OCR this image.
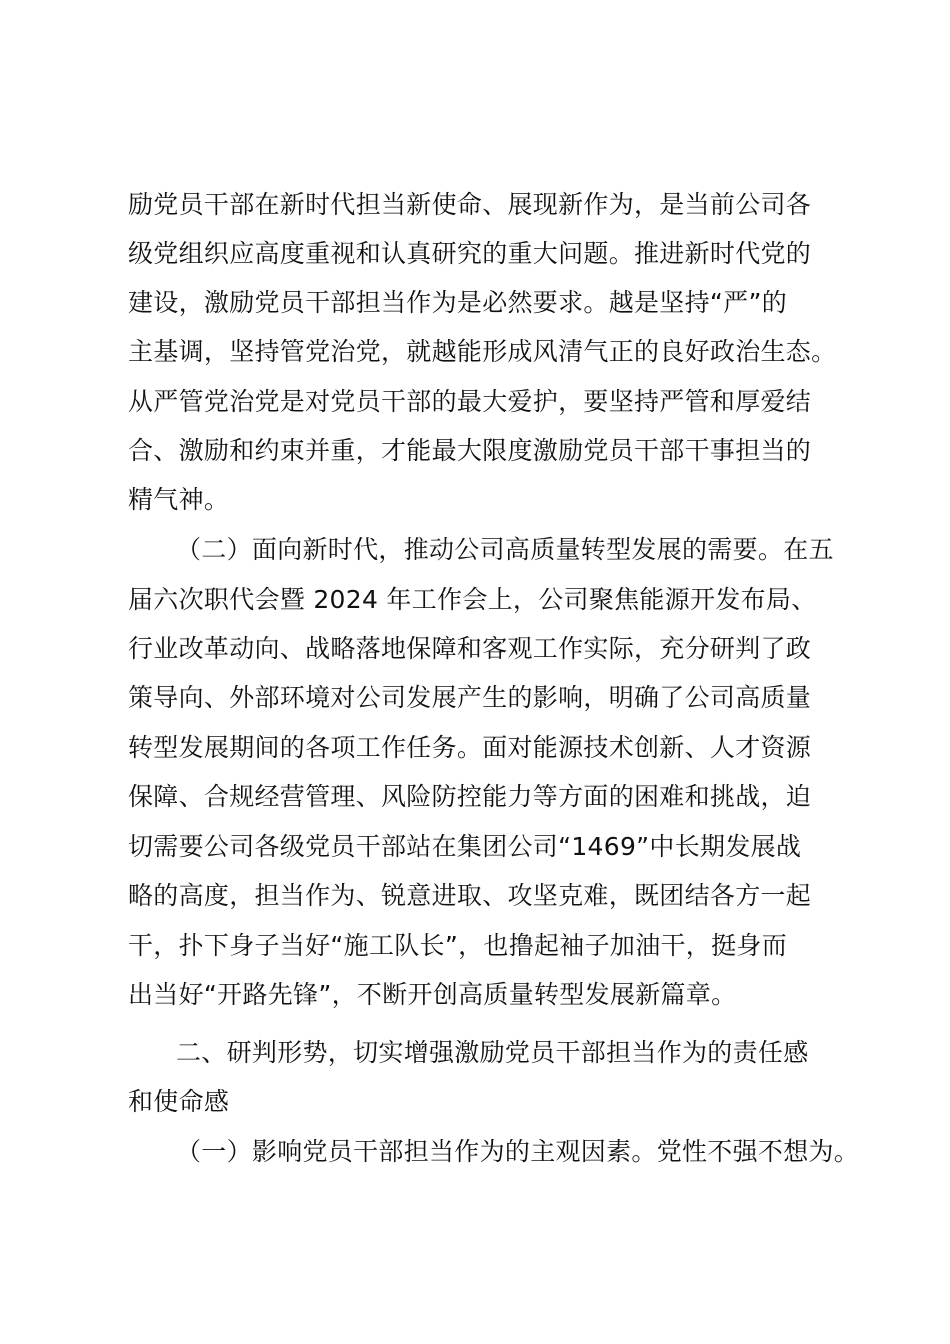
励党员干部在新时代担当新使命、展现新作为，是当前公司各
级党组织应高度重视和认真研究的重大问题。推进新时代党的
建设，激励党员干部担当作为是必然要求。越是坚持“严”的
主基调，坚持管党治党，就越能形成风清气正的良好政治生态。
从严管党治党是对党员干部的最大爱护，要坚持严管和厚爱结
合、激励和约束并重，才能最大限度激励党员干部干事担当的
精气神。
（二）面向新时代，推动公司高质量转型发展的需要。在五
届六次职代会暨 2024 年工作会上，公司聚焦能源开发布局、
行业改革动向、战略落地保障和客观工作实际，充分研判了政
策导向、外部环境对公司发展产生的影响，明确了公司高质量
转型发展期间的各项工作任务。面对能源技术创新、人才资源
保障、合规经营管理、风险防控能力等方面的困难和挑战，迫
切需要公司各级党员干部站在集团公司“1469”中长期发展战
略的高度，担当作为、锐意进取、攻坚克难，既团结各方一起
干，扑下身子当好“施工队长”，也撸起袖子加油干，挺身而
出当好“开路先锋”，不断开创高质量转型发展新篇章。
二、研判形势，切实增强激励党员干部担当作为的责任感
和使命感
（一）影响党员干部担当作为的主观因素。党性不强不想为。
